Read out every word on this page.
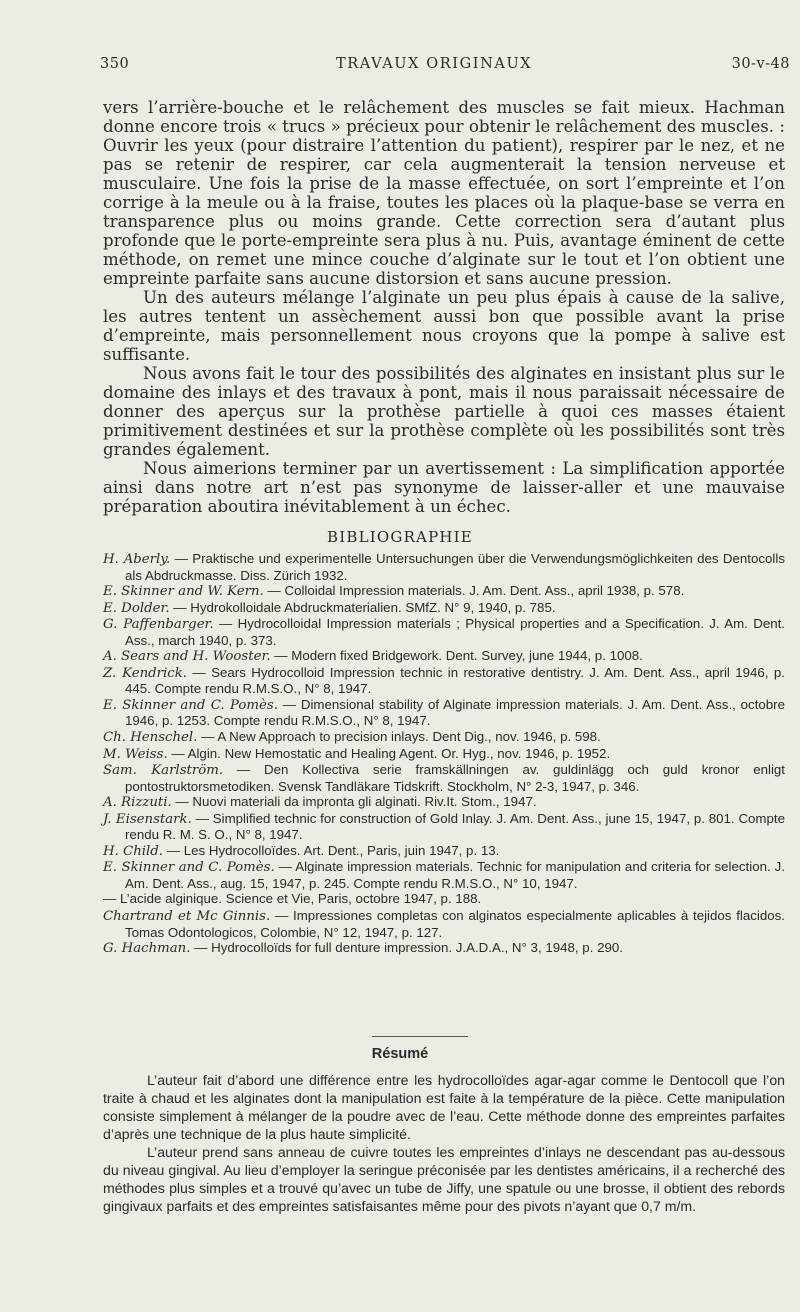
350	TRAVAUX ORIGINAUX	30-v-48

vers l’arrière-bouche et le relâchement des muscles se fait mieux. Hachman donne encore trois « trucs » précieux pour obtenir le relâchement des muscles. : Ouvrir les yeux (pour distraire l’attention du patient), respirer par le nez, et ne pas se retenir de respirer, car cela augmenterait la tension nerveuse et musculaire. Une fois la prise de la masse effectuée, on sort l’empreinte et l’on corrige à la meule ou à la fraise, toutes les places où la plaque-base se verra en transparence plus ou moins grande. Cette correction sera d’autant plus profonde que le porte-empreinte sera plus à nu. Puis, avantage éminent de cette méthode, on remet une mince couche d’alginate sur le tout et l’on obtient une empreinte parfaite sans aucune distorsion et sans aucune pression.

Un des auteurs mélange l’alginate un peu plus épais à cause de la salive, les autres tentent un assèchement aussi bon que possible avant la prise d’empreinte, mais personnellement nous croyons que la pompe à salive est suffisante.

Nous avons fait le tour des possibilités des alginates en insistant plus sur le domaine des inlays et des travaux à pont, mais il nous paraissait nécessaire de donner des aperçus sur la prothèse partielle à quoi ces masses étaient primitivement destinées et sur la prothèse complète où les possibilités sont très grandes également.

Nous aimerions terminer par un avertissement : La simplification apportée ainsi dans notre art n’est pas synonyme de laisser-aller et une mauvaise préparation aboutira inévitablement à un échec.

BIBLIOGRAPHIE
H. Aberly. — Praktische und experimentelle Untersuchungen über die Verwendungsmöglichkeiten des Dentocolls als Abdruckmasse. Diss. Zürich 1932.
E. Skinner and W. Kern. — Colloidal Impression materials. J. Am. Dent. Ass., april 1938, p. 578.
E. Dolder. — Hydrokolloidale Abdruckmaterialien. SMfZ. N° 9, 1940, p. 785.
G. Paffenbarger. — Hydrocolloidal Impression materials ; Physical properties and a Specification. J. Am. Dent. Ass., march 1940, p. 373.
A. Sears and H. Wooster. — Modern fixed Bridgework. Dent. Survey, june 1944, p. 1008.
Z. Kendrick. — Sears Hydrocolloid Impression technic in restorative dentistry. J. Am. Dent. Ass., april 1946, p. 445. Compte rendu R.M.S.O., N° 8, 1947.
E. Skinner and C. Pomès. — Dimensional stability of Alginate impression materials. J. Am. Dent. Ass., octobre 1946, p. 1253. Compte rendu R.M.S.O., N° 8, 1947.
Ch. Henschel. — A New Approach to precision inlays. Dent Dig., nov. 1946, p. 598.
M. Weiss. — Algin. New Hemostatic and Healing Agent. Or. Hyg., nov. 1946, p. 1952.
Sam. Karlström. — Den Kollectiva serie framskällningen av. guldinlägg och guld kronor enligt pontostruktorsmetodiken. Svensk Tandläkare Tidskrift. Stockholm, N° 2-3, 1947, p. 346.
A. Rizzuti. — Nuovi materiali da impronta gli alginati. Riv.It. Stom., 1947.
J. Eisenstark. — Simplified technic for construction of Gold Inlay. J. Am. Dent. Ass., june 15, 1947, p. 801. Compte rendu R. M. S. O., N° 8, 1947.
H. Child. — Les Hydrocolloïdes. Art. Dent., Paris, juin 1947, p. 13.
E. Skinner and C. Pomès. — Alginate impression materials. Technic for manipulation and criteria for selection. J. Am. Dent. Ass., aug. 15, 1947, p. 245. Compte rendu R.M.S.O., N° 10, 1947.
— L’acide alginique. Science et Vie, Paris, octobre 1947, p. 188.
Chartrand et Mc Ginnis. — Impressiones completas con alginatos especialmente aplicables à tejidos flacidos. Tomas Odontologicos, Colombie, N° 12, 1947, p. 127.
G. Hachman. — Hydrocolloïds for full denture impression. J.A.D.A., N° 3, 1948, p. 290.
Résumé

L’auteur fait d’abord une différence entre les hydrocolloïdes agar-agar comme le Dentocoll que l’on traite à chaud et les alginates dont la manipulation est faite à la température de la pièce. Cette manipulation consiste simplement à mélanger de la poudre avec de l’eau. Cette méthode donne des empreintes parfaites d’après une technique de la plus haute simplicité.

L’auteur prend sans anneau de cuivre toutes les empreintes d’inlays ne descendant pas au-dessous du niveau gingival. Au lieu d’employer la seringue préconisée par les dentistes américains, il a recherché des méthodes plus simples et a trouvé qu’avec un tube de Jiffy, une spatule ou une brosse, il obtient des rebords gingivaux parfaits et des empreintes satisfaisantes même pour des pivots n’ayant que 0,7 m/m.
